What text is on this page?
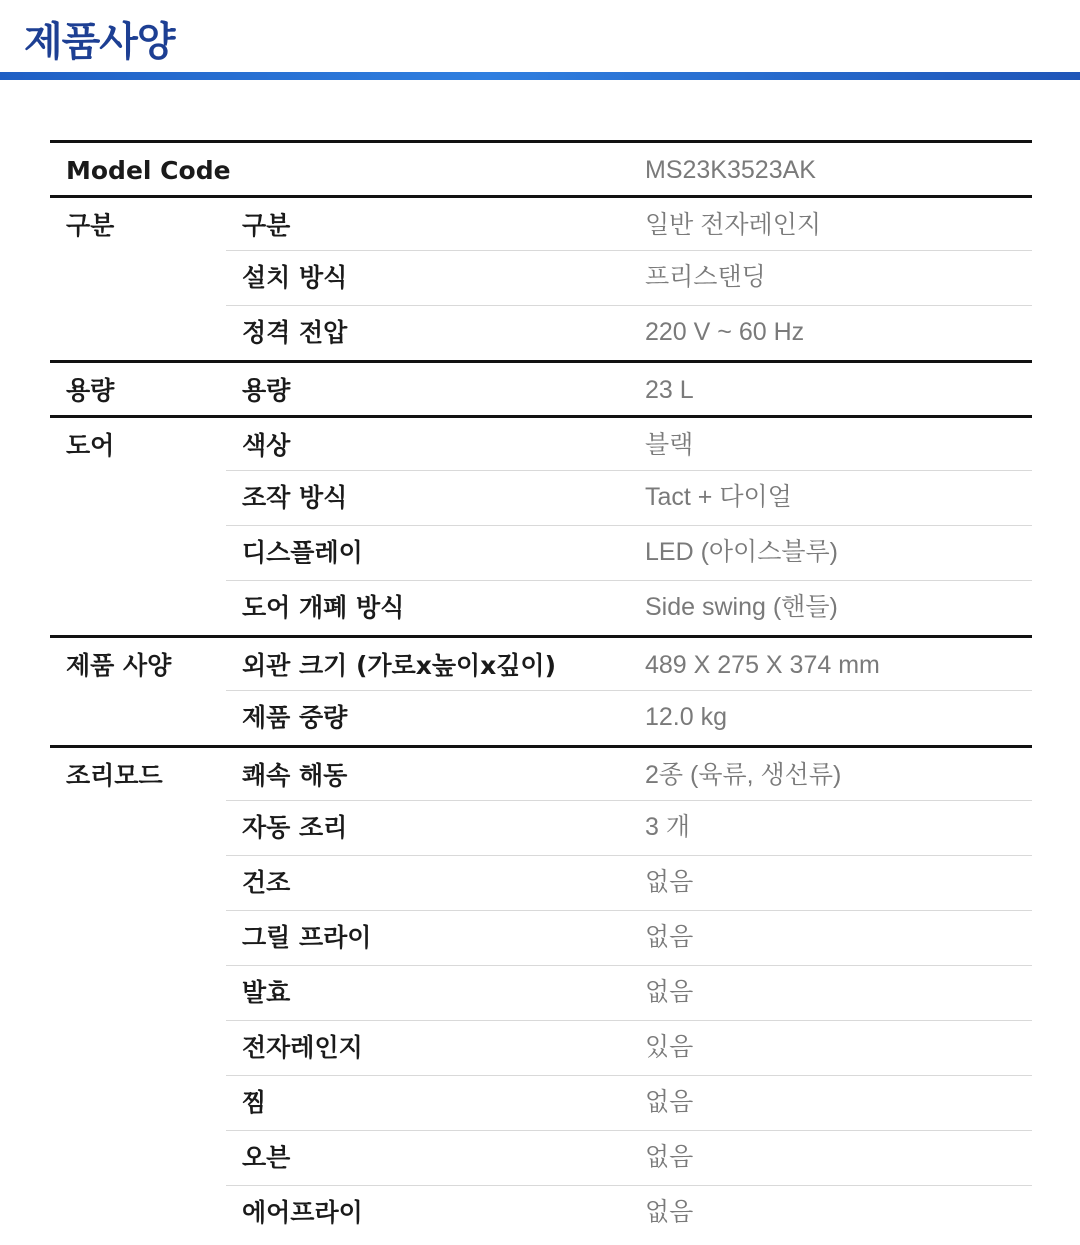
제품사양
Model Code	MS23K3523AK
구분	구분	일반 전자레인지
설치 방식	프리스탠딩
정격 전압	220 V ~ 60 Hz
용량	용량	23 L
도어	색상	블랙
조작 방식	Tact + 다이얼
디스플레이	LED (아이스블루)
도어 개폐 방식	Side swing (핸들)
제품 사양	외관 크기 (가로x높이x깊이)	489 X 275 X 374 mm
제품 중량	12.0 kg
조리모드	쾌속 해동	2종 (육류, 생선류)
자동 조리	3 개
건조	없음
그릴 프라이	없음
발효	없음
전자레인지	있음
찜	없음
오븐	없음
에어프라이	없음
